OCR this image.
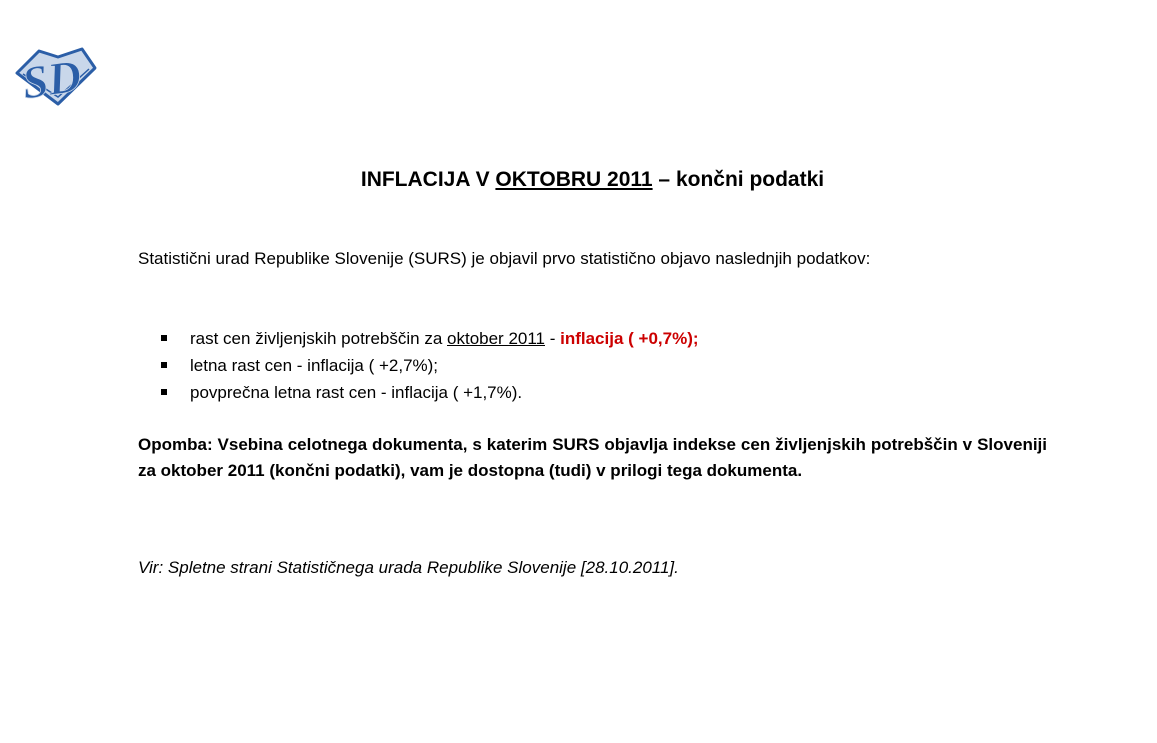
SD
INFLACIJA V OKTOBRU 2011 – končni podatki
Statistični urad Republike Slovenije (SURS) je objavil prvo statistično objavo naslednjih podatkov:
rast cen življenjskih potrebščin za oktober 2011 - inflacija ( +0,7%);
letna rast cen - inflacija ( +2,7%);
povprečna letna rast cen - inflacija ( +1,7%).
Opomba: Vsebina celotnega dokumenta, s katerim SURS objavlja indekse cen življenjskih potrebščin v Sloveniji za oktober 2011 (končni podatki), vam je dostopna (tudi) v prilogi tega dokumenta.
Vir: Spletne strani Statističnega urada Republike Slovenije [28.10.2011].
